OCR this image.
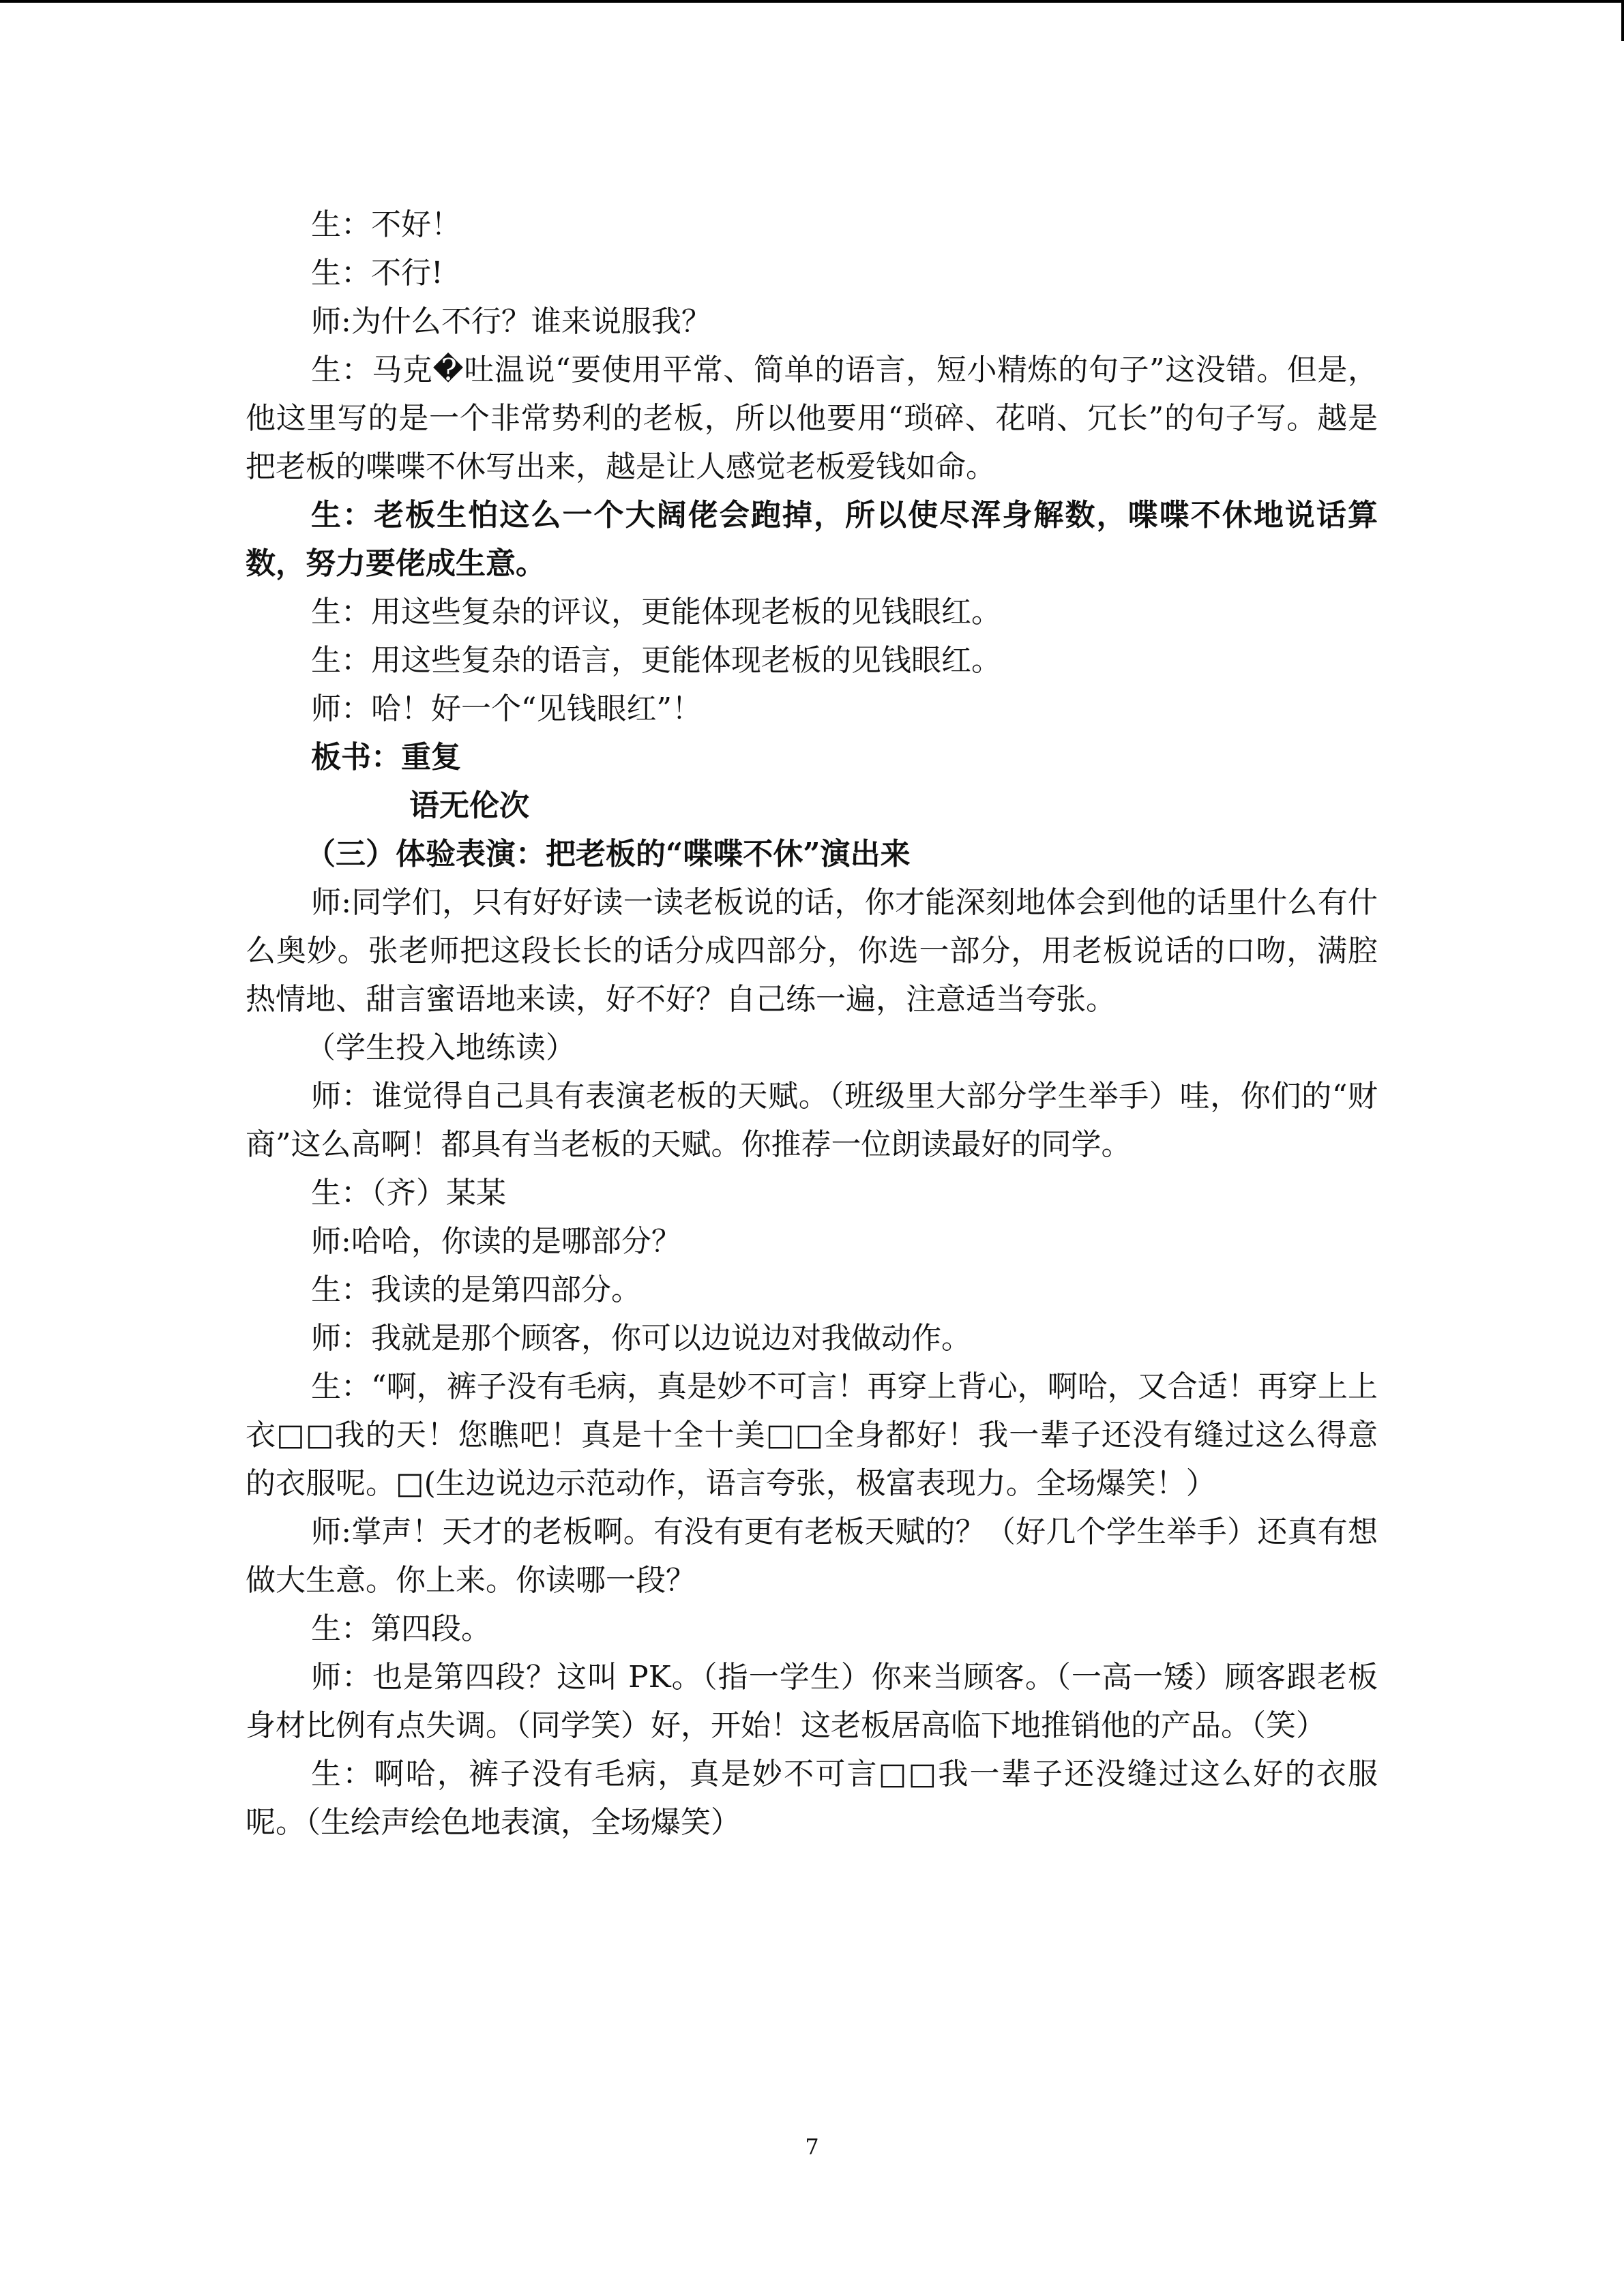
生：不好！

生：不行!

师:为什么不行？谁来说服我？

生：马克�吐温说“要使用平常、简单的语言，短小精炼的句子”这没错。但是，他这里写的是一个非常势利的老板，所以他要用“琐碎、花哨、冗长”的句子写。越是把老板的喋喋不休写出来，越是让人感觉老板爱钱如命。

生：老板生怕这么一个大阔佬会跑掉，所以使尽浑身解数，喋喋不休地说话算数，努力要佬成生意。

生：用这些复杂的评议，更能体现老板的见钱眼红。

生：用这些复杂的语言，更能体现老板的见钱眼红。

师：哈！好一个“见钱眼红”！

板书：重复

语无伦次

（三）体验表演：把老板的“喋喋不休”演出来

师:同学们，只有好好读一读老板说的话，你才能深刻地体会到他的话里什么有什么奥妙。张老师把这段长长的话分成四部分，你选一部分，用老板说话的口吻，满腔热情地、甜言蜜语地来读，好不好？自己练一遍，注意适当夸张。

（学生投入地练读）

师：谁觉得自己具有表演老板的天赋。（班级里大部分学生举手）哇，你们的“财商”这么高啊！都具有当老板的天赋。你推荐一位朗读最好的同学。

生：（齐）某某

师:哈哈，你读的是哪部分？

生：我读的是第四部分。

师：我就是那个顾客，你可以边说边对我做动作。

生：“啊，裤子没有毛病，真是妙不可言！再穿上背心，啊哈，又合适！再穿上上衣□□我的天！您瞧吧！真是十全十美□□全身都好！我一辈子还没有缝过这么得意的衣服呢。□(生边说边示范动作，语言夸张，极富表现力。全场爆笑！）

师:掌声！天才的老板啊。有没有更有老板天赋的？（好几个学生举手）还真有想做大生意。你上来。你读哪一段？

生：第四段。

师：也是第四段？这叫 PK。（指一学生）你来当顾客。（一高一矮）顾客跟老板身材比例有点失调。（同学笑）好，开始！这老板居高临下地推销他的产品。（笑）

生：啊哈，裤子没有毛病，真是妙不可言□□我一辈子还没缝过这么好的衣服呢。（生绘声绘色地表演，全场爆笑）

7
